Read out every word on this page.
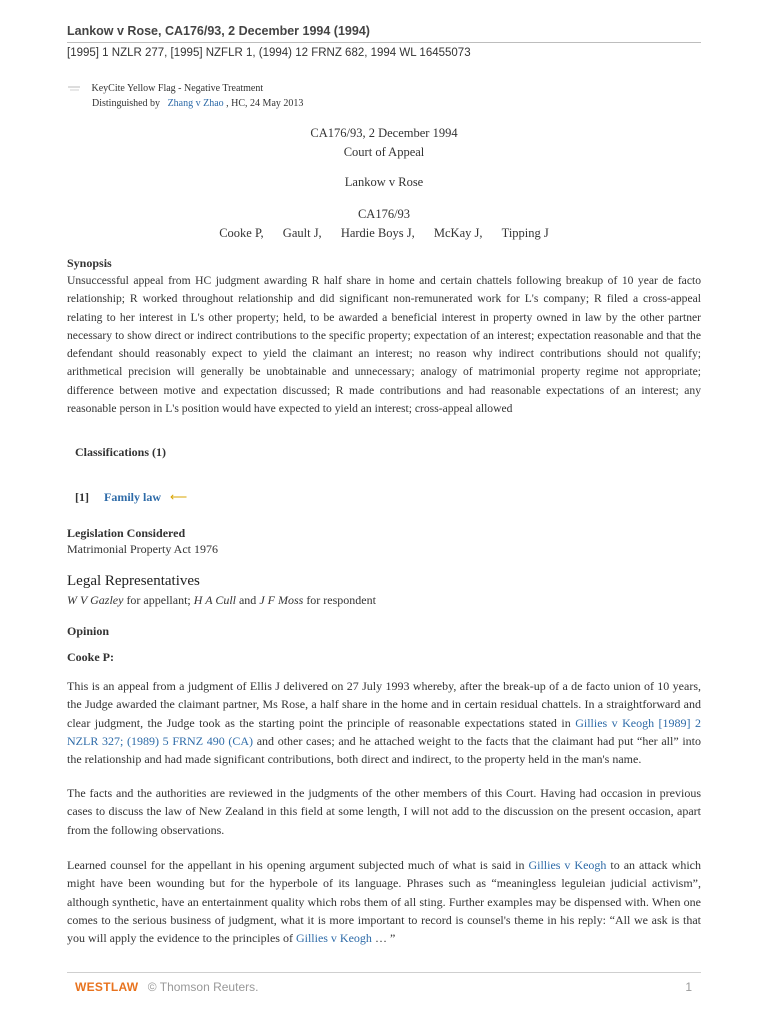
Lankow v Rose, CA176/93, 2 December 1994 (1994)
[1995] 1 NZLR 277, [1995] NZFLR 1, (1994) 12 FRNZ 682, 1994 WL 16455073
KeyCite Yellow Flag - Negative Treatment
Distinguished by Zhang v Zhao , HC, 24 May 2013
CA176/93, 2 December 1994
Court of Appeal
Lankow v Rose
CA176/93
Cooke P, Gault J, Hardie Boys J, McKay J, Tipping J
Synopsis
Unsuccessful appeal from HC judgment awarding R half share in home and certain chattels following breakup of 10 year de facto relationship; R worked throughout relationship and did significant non-remunerated work for L's company; R filed a cross-appeal relating to her interest in L's other property; held, to be awarded a beneficial interest in property owned in law by the other partner necessary to show direct or indirect contributions to the specific property; expectation of an interest; expectation reasonable and that the defendant should reasonably expect to yield the claimant an interest; no reason why indirect contributions should not qualify; arithmetical precision will generally be unobtainable and unnecessary; analogy of matrimonial property regime not appropriate; difference between motive and expectation discussed; R made contributions and had reasonable expectations of an interest; any reasonable person in L's position would have expected to yield an interest; cross-appeal allowed
Classifications (1)
[1] Family law ⟵
Legislation Considered
Matrimonial Property Act 1976
Legal Representatives
W V Gazley for appellant; H A Cull and J F Moss for respondent
Opinion
Cooke P:
This is an appeal from a judgment of Ellis J delivered on 27 July 1993 whereby, after the break-up of a de facto union of 10 years, the Judge awarded the claimant partner, Ms Rose, a half share in the home and in certain residual chattels. In a straightforward and clear judgment, the Judge took as the starting point the principle of reasonable expectations stated in Gillies v Keogh [1989] 2 NZLR 327; (1989) 5 FRNZ 490 (CA) and other cases; and he attached weight to the facts that the claimant had put “her all” into the relationship and had made significant contributions, both direct and indirect, to the property held in the man's name.
The facts and the authorities are reviewed in the judgments of the other members of this Court. Having had occasion in previous cases to discuss the law of New Zealand in this field at some length, I will not add to the discussion on the present occasion, apart from the following observations.
Learned counsel for the appellant in his opening argument subjected much of what is said in Gillies v Keogh to an attack which might have been wounding but for the hyperbole of its language. Phrases such as “meaningless leguleian judicial activism”, although synthetic, have an entertainment quality which robs them of all sting. Further examples may be dispensed with. When one comes to the serious business of judgment, what it is more important to record is counsel's theme in his reply: “All we ask is that you will apply the evidence to the principles of Gillies v Keogh … ”
WESTLAW © Thomson Reuters.	1
